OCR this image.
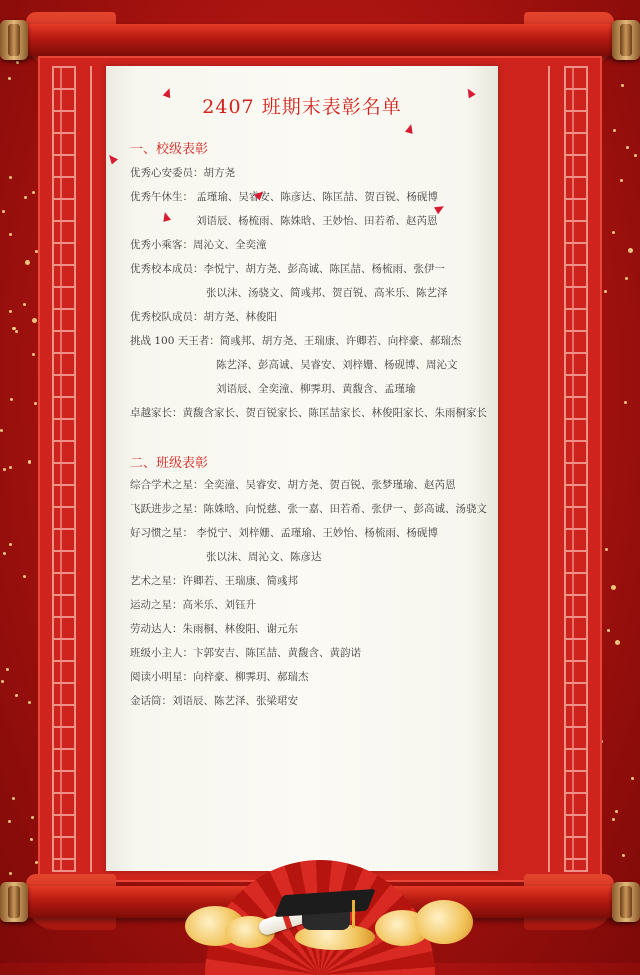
2407 班期末表彰名单
一、校级表彰
优秀心安委员：胡方尧
优秀午休生： 孟瑾瑜、吴睿安、陈彦达、陈匡喆、贺百锐、杨砚博
刘语辰、杨梳雨、陈姝晗、王妙怡、田若希、赵芮恩
优秀小乘客：周沁文、全奕潼
优秀校本成员：李悦宁、胡方尧、彭高诚、陈匡喆、杨梳雨、张伊一
张以沫、汤骁文、简彧邦、贺百锐、高米乐、陈艺泽
优秀校队成员：胡方尧、林俊阳
挑战 100 天王者：简彧邦、胡方尧、王瑞康、许卿若、向梓豪、郝瑞杰
陈艺泽、彭高诚、吴睿安、刘梓姗、杨砚博、周沁文
刘语辰、全奕潼、柳霁玥、黄馥含、孟瑾瑜
卓越家长：黄馥含家长、贺百锐家长、陈匡喆家长、林俊阳家长、朱雨桐家长
二、班级表彰
综合学术之星：全奕潼、吴睿安、胡方尧、贺百锐、张梦瑾瑜、赵芮恩
飞跃进步之星：陈姝晗、向悦慈、张一嘉、田若希、张伊一、彭高诚、汤骁文
好习惯之星： 李悦宁、刘梓姗、孟瑾瑜、王妙怡、杨梳雨、杨砚博
张以沫、周沁文、陈彦达
艺术之星：许卿若、王瑞康、简彧邦
运动之星：高米乐、刘钰升
劳动达人：朱雨桐、林俊阳、谢元东
班级小主人：卞郭安吉、陈匡喆、黄馥含、黄韵诺
阅读小明星：向梓豪、柳霁玥、郝瑞杰
金话筒：刘语辰、陈艺泽、张梁珺安
